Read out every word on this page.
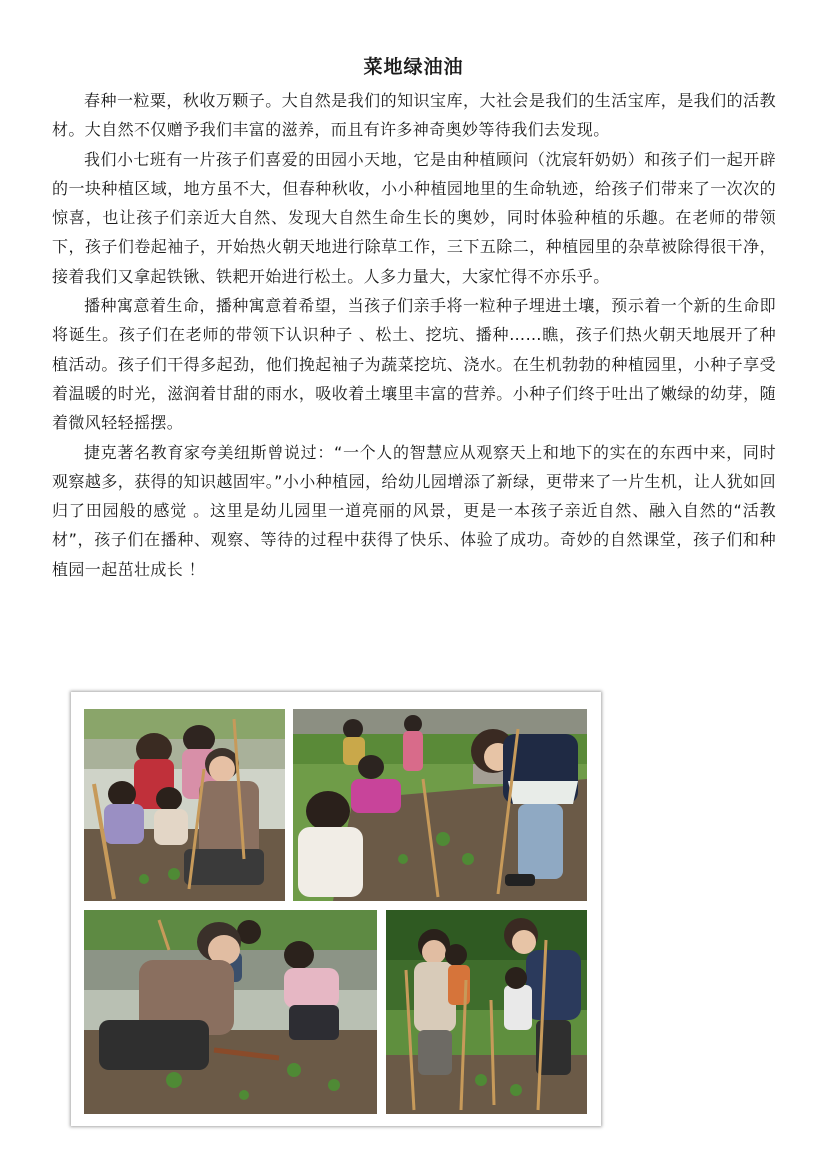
菜地绿油油

春种一粒粟，秋收万颗子。大自然是我们的知识宝库，大社会是我们的生活宝库，是我们的活教材。大自然不仅赠予我们丰富的滋养，而且有许多神奇奥妙等待我们去发现。

我们小七班有一片孩子们喜爱的田园小天地，它是由种植顾问（沈宸轩奶奶）和孩子们一起开辟的一块种植区域，地方虽不大，但春种秋收，小小种植园地里的生命轨迹，给孩子们带来了一次次的惊喜，也让孩子们亲近大自然、发现大自然生命生长的奥妙，同时体验种植的乐趣。在老师的带领下，孩子们卷起袖子，开始热火朝天地进行除草工作，三下五除二，种植园里的杂草被除得很干净，接着我们又拿起铁锹、铁耙开始进行松土。人多力量大，大家忙得不亦乐乎。

播种寓意着生命，播种寓意着希望，当孩子们亲手将一粒种子埋进土壤，预示着一个新的生命即将诞生。孩子们在老师的带领下认识种子 、松土、挖坑、播种……瞧，孩子们热火朝天地展开了种植活动。孩子们干得多起劲，他们挽起袖子为蔬菜挖坑、浇水。在生机勃勃的种植园里，小种子享受着温暖的时光，滋润着甘甜的雨水，吸收着土壤里丰富的营养。小种子们终于吐出了嫩绿的幼芽，随着微风轻轻摇摆。

捷克著名教育家夸美纽斯曾说过：“一个人的智慧应从观察天上和地下的实在的东西中来，同时观察越多，获得的知识越固牢。”小小种植园，给幼儿园增添了新绿，更带来了一片生机，让人犹如回归了田园般的感觉 。这里是幼儿园里一道亮丽的风景，更是一本孩子亲近自然、融入自然的“活教材”，孩子们在播种、观察、等待的过程中获得了快乐、体验了成功。奇妙的自然课堂，孩子们和种植园一起茁壮成长 ！
